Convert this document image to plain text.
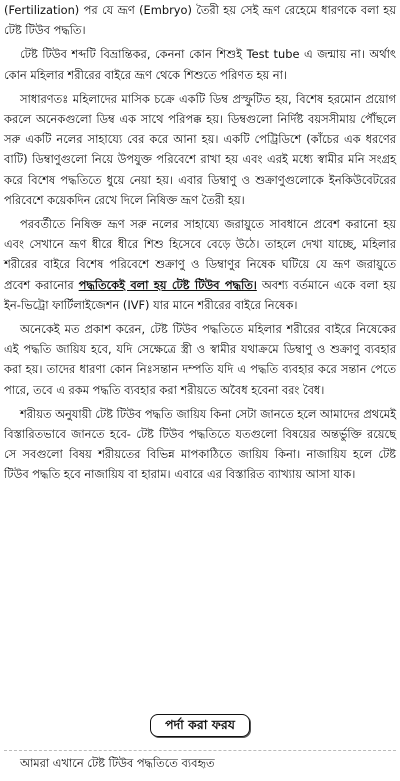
(Fertilization) পর যে ভ্রূণ (Embryo) তৈরী হয় সেই ভ্রূণ রেহেমে ধারণকে বলা হয় টেষ্ট টিউব পদ্ধতি।

টেষ্ট টিউব শব্দটি বিভ্রান্তিকর, কেননা কোন শিশুই Test tube এ জন্মায় না। অর্থাৎ কোন মহিলার শরীরের বাইরে ভ্রূণ থেকে শিশুতে পরিণত হয় না।

সাধারণতঃ মহিলাদের মাসিক চক্রে একটি ডিম্ব প্রস্ফুটিত হয়, বিশেষ হরমোন প্রয়োগ করলে অনেকগুলো ডিম্ব এক সাথে পরিপক্ক হয়। ডিম্বগুলো নির্দিষ্ট বয়সসীমায় পৌঁছলে সরু একটি নলের সাহায্যে বের করে আনা হয়। একটি পেট্রিডিশে (কাঁচের এক ধরণের বাটি) ডিম্বাণুগুলো নিয়ে উপযুক্ত পরিবেশে রাখা হয় এবং এরই মধ্যে স্বামীর মনি সংগ্রহ করে বিশেষ পদ্ধতিতে ধুয়ে নেয়া হয়। এবার ডিম্বাণু ও শুক্রাণুগুলোকে ইনকিউবেটরের পরিবেশে কয়েকদিন রেখে দিলে নিষিক্ত ভ্রূণ তৈরী হয়।

পরবর্তীতে নিষিক্ত ভ্রূণ সরু নলের সাহায্যে জরায়ুতে সাবধানে প্রবেশ করানো হয় এবং সেখানে ভ্রূণ ধীরে ধীরে শিশু হিসেবে বেড়ে উঠে। তাহলে দেখা যাচ্ছে, মহিলার শরীরের বাইরে বিশেষ পরিবেশে শুক্রাণু ও ডিম্বাণুর নিষেক ঘটিয়ে যে ভ্রূণ জরায়ুতে প্রবেশ করানোর পদ্ধতিকেই বলা হয় টেষ্ট টিউব পদ্ধতি। অবশ্য বর্তমানে একে বলা হয় ইন-ভিট্রো ফার্টিলাইজেশন (IVF) যার মানে শরীরের বাইরে নিষেক।

অনেকেই মত প্রকাশ করেন, টেষ্ট টিউব পদ্ধতিতে মহিলার শরীরের বাইরে নিষেকের এই পদ্ধতি জায়িয হবে, যদি সেক্ষেত্রে স্ত্রী ও স্বামীর যথাক্রমে ডিম্বাণু ও শুক্রাণু ব্যবহার করা হয়। তাদের ধারণা কোন নিঃসন্তান দম্পতি যদি এ পদ্ধতি ব্যবহার করে সন্তান পেতে পারে, তবে এ রকম পদ্ধতি ব্যবহার করা শরীয়তে অবৈধ হবেনা বরং বৈধ।

শরীয়ত অনুযায়ী টেষ্ট টিউব পদ্ধতি জায়িয কিনা সেটা জানতে হলে আমাদের প্রথমেই বিস্তারিতভাবে জানতে হবে- টেষ্ট টিউব পদ্ধতিতে যতগুলো বিষয়ের অন্তর্ভুক্তি রয়েছে সে সবগুলো বিষয় শরীয়তের বিভিন্ন মাপকাঠিতে জায়িয কিনা। নাজায়িয হলে টেষ্ট টিউব পদ্ধতি হবে নাজায়িয বা হারাম। এবারে এর বিস্তারিত ব্যাখ্যায় আসা যাক।

পর্দা করা ফরয
আমরা এখানে টেষ্ট টিউব পদ্ধতিতে ব্যবহৃত
